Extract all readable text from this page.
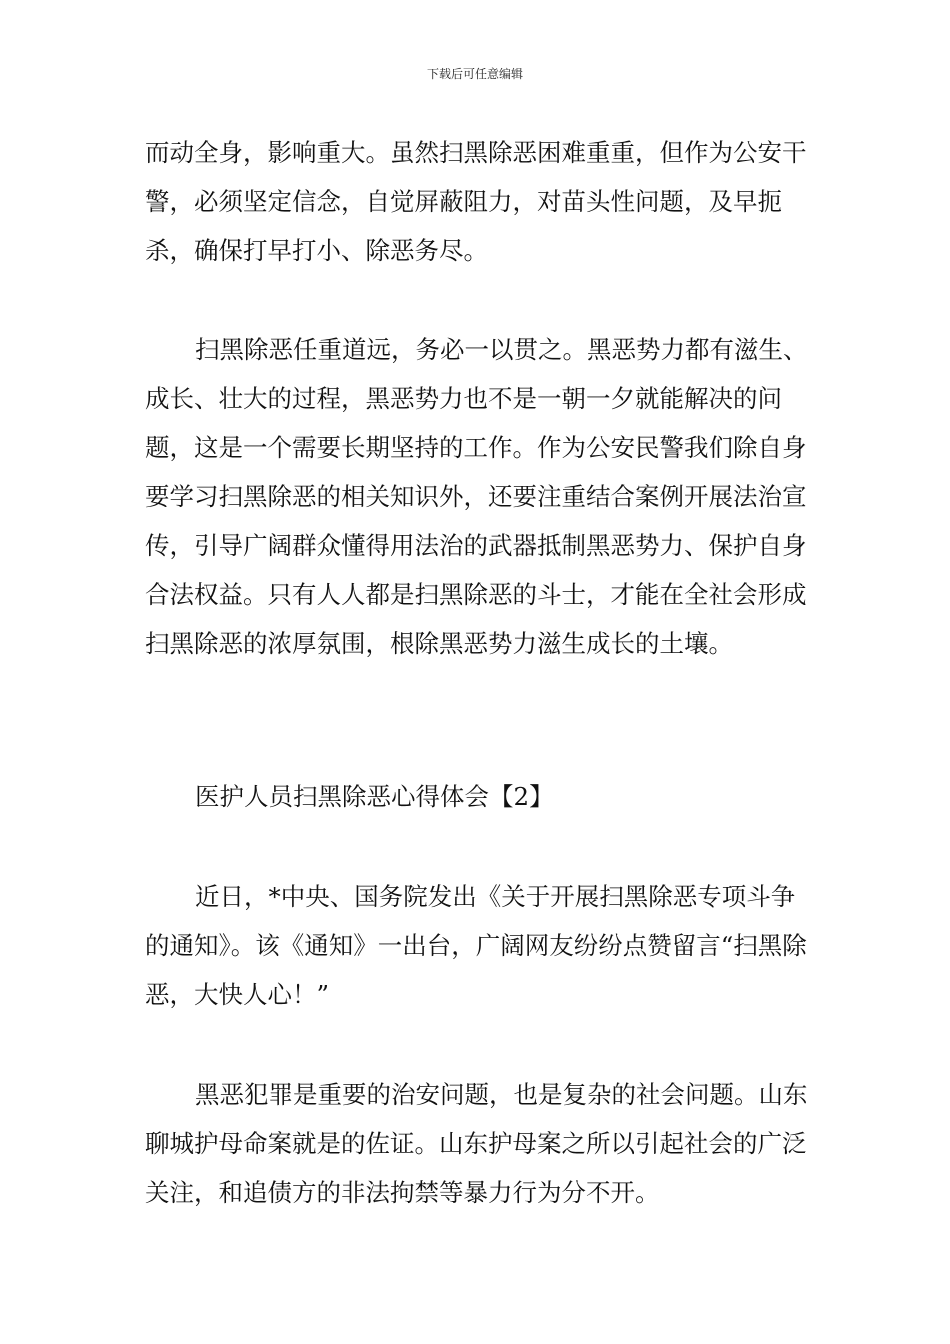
下载后可任意编辑

而动全身，影响重大。虽然扫黑除恶困难重重，但作为公安干警，必须坚定信念，自觉屏蔽阻力，对苗头性问题，及早扼杀，确保打早打小、除恶务尽。

扫黑除恶任重道远，务必一以贯之。黑恶势力都有滋生、成长、壮大的过程，黑恶势力也不是一朝一夕就能解决的问题，这是一个需要长期坚持的工作。作为公安民警我们除自身要学习扫黑除恶的相关知识外，还要注重结合案例开展法治宣传，引导广阔群众懂得用法治的武器抵制黑恶势力、保护自身合法权益。只有人人都是扫黑除恶的斗士，才能在全社会形成扫黑除恶的浓厚氛围，根除黑恶势力滋生成长的土壤。

医护人员扫黑除恶心得体会【2】

近日，*中央、国务院发出《关于开展扫黑除恶专项斗争的通知》。该《通知》一出台，广阔网友纷纷点赞留言“扫黑除恶，大快人心！”

黑恶犯罪是重要的治安问题，也是复杂的社会问题。山东聊城护母命案就是的佐证。山东护母案之所以引起社会的广泛关注，和追债方的非法拘禁等暴力行为分不开。
